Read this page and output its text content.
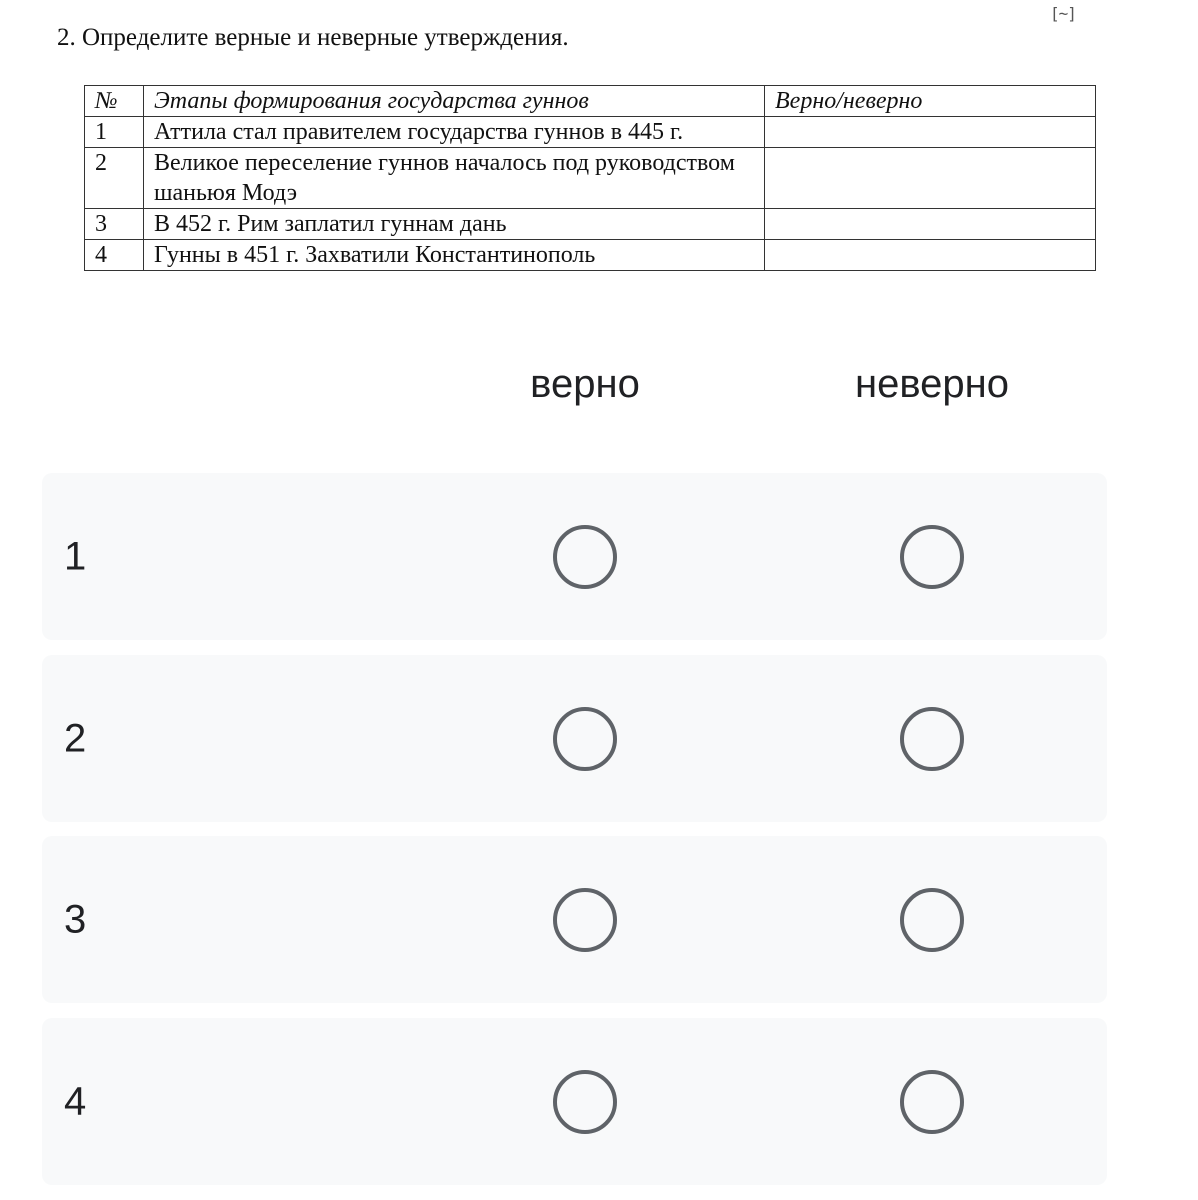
[~]
2. Определите верные и неверные утверждения.
№	Этапы формирования государства гуннов	Верно/неверно
1	Аттила стал правителем государства гуннов в 445 г.	
2	Великое переселение гуннов началось под руководством шаньюя Модэ	
3	В 452 г. Рим заплатил гуннам дань	
4	Гунны в 451 г. Захватили Константинополь	
верно	неверно
1
2
3
4
